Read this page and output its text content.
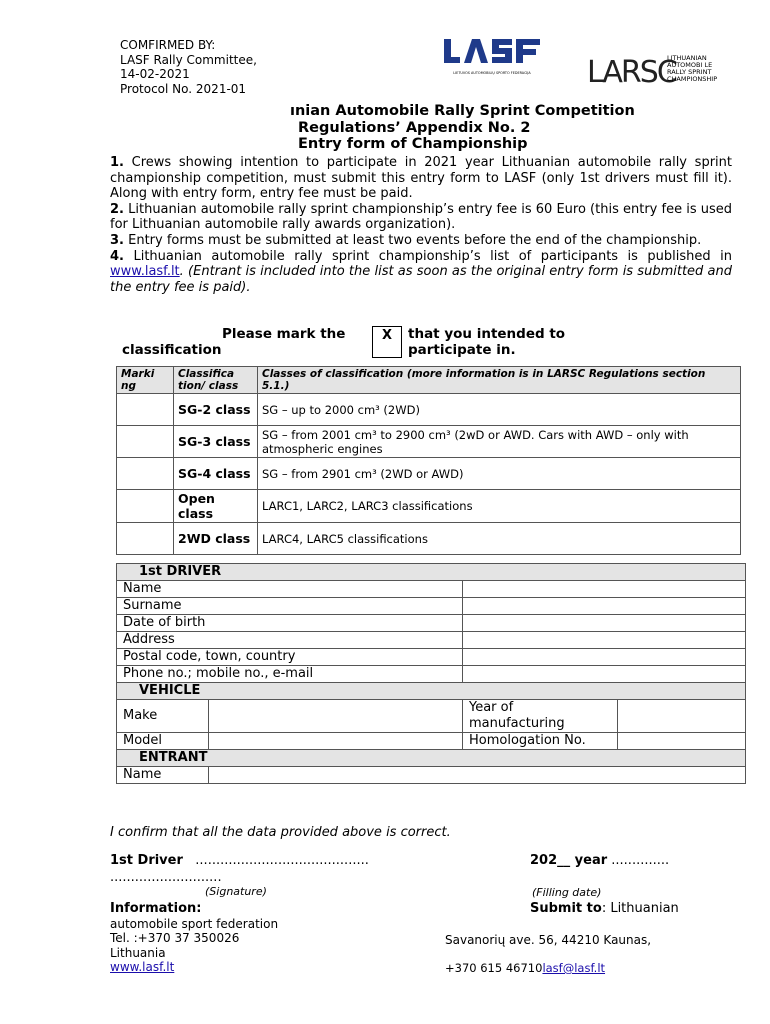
COMFIRMED BY:
LASF Rally Committee,
14-02-2021
Protocol No. 2021-01
LIETUVOS AUTOMOBILIŲ SPORTO FEDERACIJA LARSC
LITHUANIAN
AUTOMOBI LE
RALLY SPRINT
CHAMPIONSHIP
ınian Automobile Rally Sprint Competition
Regulations’ Appendix No. 2
Entry form of Championship

1. Crews showing intention to participate in 2021 year Lithuanian automobile rally sprint championship competition, must submit this entry form to LASF (only 1st drivers must fill it). Along with entry form, entry fee must be paid.

2. Lithuanian automobile rally sprint championship’s entry fee is 60 Euro (this entry fee is used for Lithuanian automobile rally awards organization).

3. Entry forms must be submitted at least two events before the end of the championship.

4. Lithuanian automobile rally sprint championship’s list of participants is published in www.lasf.lt. (Entrant is included into the list as soon as the original entry form is submitted and the entry fee is paid).

Please mark the
classification
that you intended to
participate in.
X
Marki ng	Classifica tion/ class	Classes of classification (more information is in LARSC Regulations section 5.1.)
	SG-2 class	SG – up to 2000 cm³ (2WD)
	SG-3 class	SG – from 2001 cm³ to 2900 cm³ (2wD or AWD. Cars with AWD – only with atmospheric engines
	SG-4 class	SG – from 2901 cm³ (2WD or AWD)
	Open class	LARC1, LARC2, LARC3 classifications
	2WD class	LARC4, LARC5 classifications
1st DRIVER			
Name			
Surname			
Date of birth			
Address			
Postal code, town, country			
Phone no.; mobile no., e-mail			
VEHICLE			
Make		Year of manufacturing	
Model		Homologation No.	
ENTRANT			
Name			
I confirm that all the data provided above is correct.
1st Driver ..........................................
...........................
(Signature)
202__ year ..............
(Filling date)
Information:
automobile sport federation
Tel. :+370 37 350026
Lithuania
www.lasf.lt
Submit to: Lithuanian
Savanorių ave. 56, 44210 Kaunas,
+370 615 46710lasf@lasf.lt
